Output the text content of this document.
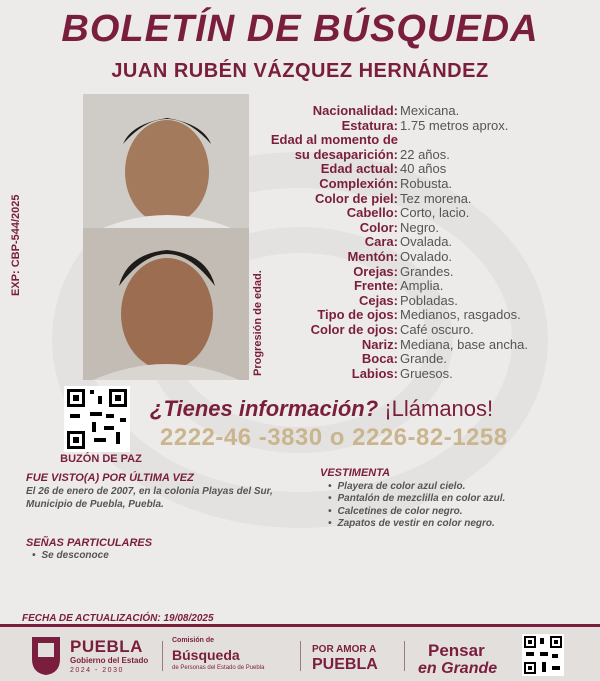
BOLETÍN DE BÚSQUEDA
JUAN RUBÉN VÁZQUEZ HERNÁNDEZ
EXP: CBP-544/2025
Progresión de edad.
Nacionalidad: Mexicana.
Estatura: 1.75 metros aprox.
Edad al momento de
su desaparición: 22 años.
Edad actual: 40 años
Complexión: Robusta.
Color de piel: Tez morena.
Cabello: Corto, lacio.
Color: Negro.
Cara: Ovalada.
Mentón: Ovalado.
Orejas: Grandes.
Frente: Amplia.
Cejas: Pobladas.
Tipo de ojos: Medianos, rasgados.
Color de ojos: Café oscuro.
Nariz: Mediana, base ancha.
Boca: Grande.
Labios: Gruesos.
BUZÓN DE PAZ
¿Tienes información? ¡Llámanos!
2222-46 -3830 o 2226-82-1258
FUE VISTO(A) POR ÚLTIMA VEZ
El 26 de enero de 2007, en la colonia Playas del Sur,
Municipio de Puebla, Puebla.
VESTIMENTA
• Playera de color azul cielo.
• Pantalón de mezclilla en color azul.
• Calcetines de color negro.
• Zapatos de vestir en color negro.
SEÑAS PARTICULARES
• Se desconoce
FECHA DE ACTUALIZACIÓN: 19/08/2025
PUEBLA
Gobierno del Estado
2024 - 2030
Comisión de
Búsqueda
de Personas del Estado de Puebla
POR AMOR A
PUEBLA
Pensar
en Grande
